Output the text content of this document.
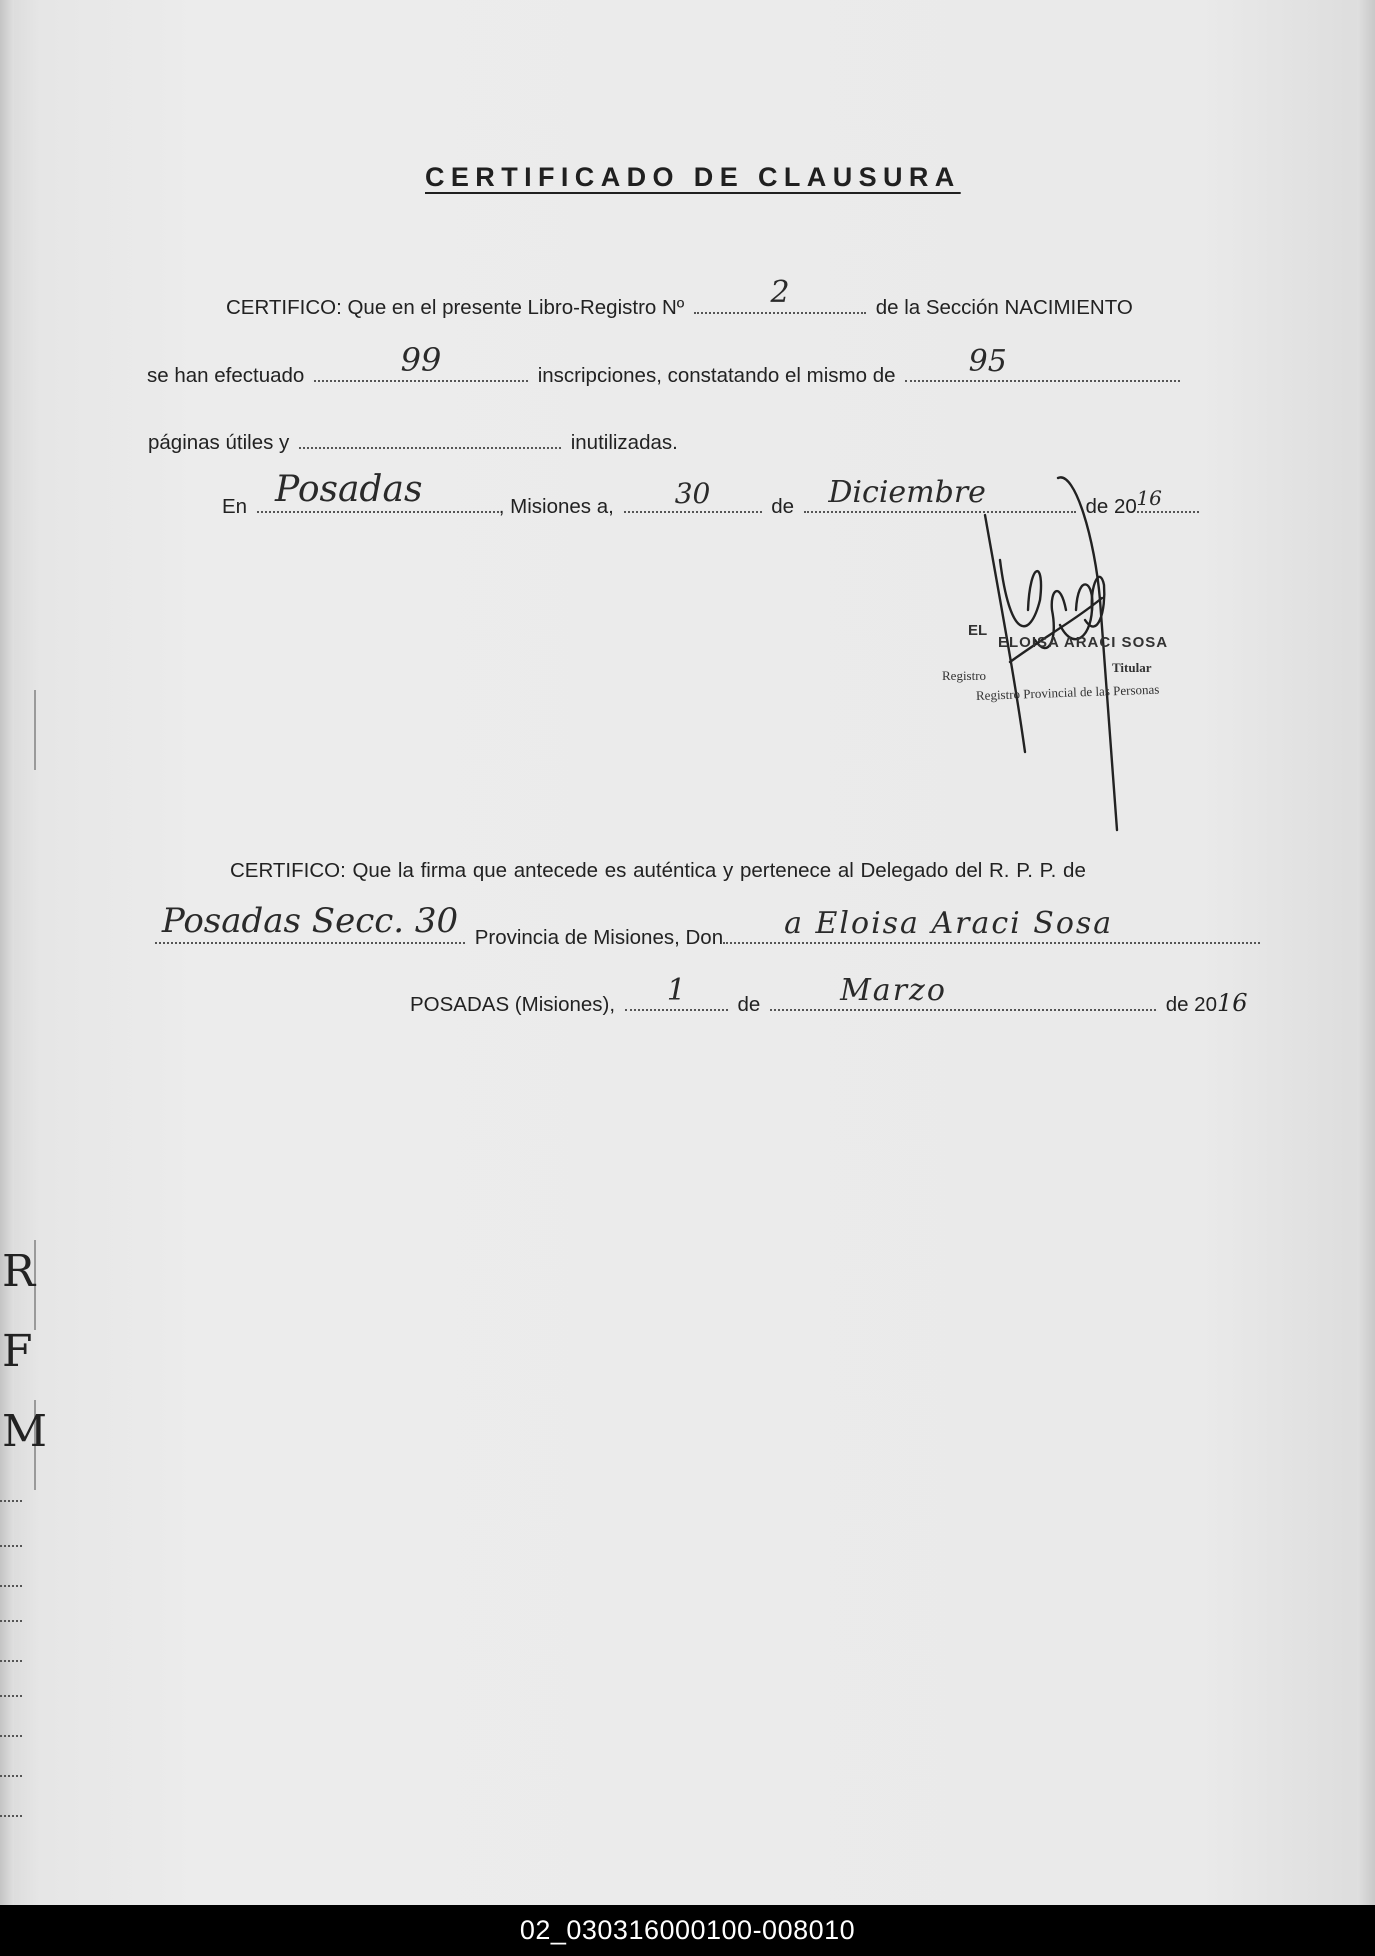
R
F
M
CERTIFICADO DE CLAUSURA
CERTIFICO: Que en el presente Libro-Registro Nº	2	de la Sección NACIMIENTO
se han efectuado	99	inscripciones, constatando el mismo de 95
páginas útiles y	inutilizadas.
En Posadas	, Misiones a, 30	de Diciembre	de 20 16
EL
ELOISA ARACI SOSA
Titular
Registro
Registro Provincial de las Personas
CERTIFICO: Que la firma que antecede es auténtica y pertenece al Delegado del R. P. P. de
Posadas Secc. 30 Provincia de Misiones, Don a Eloisa Araci Sosa
POSADAS (Misiones), 1	de	Marzo	de 2016
02_030316000100-008010
